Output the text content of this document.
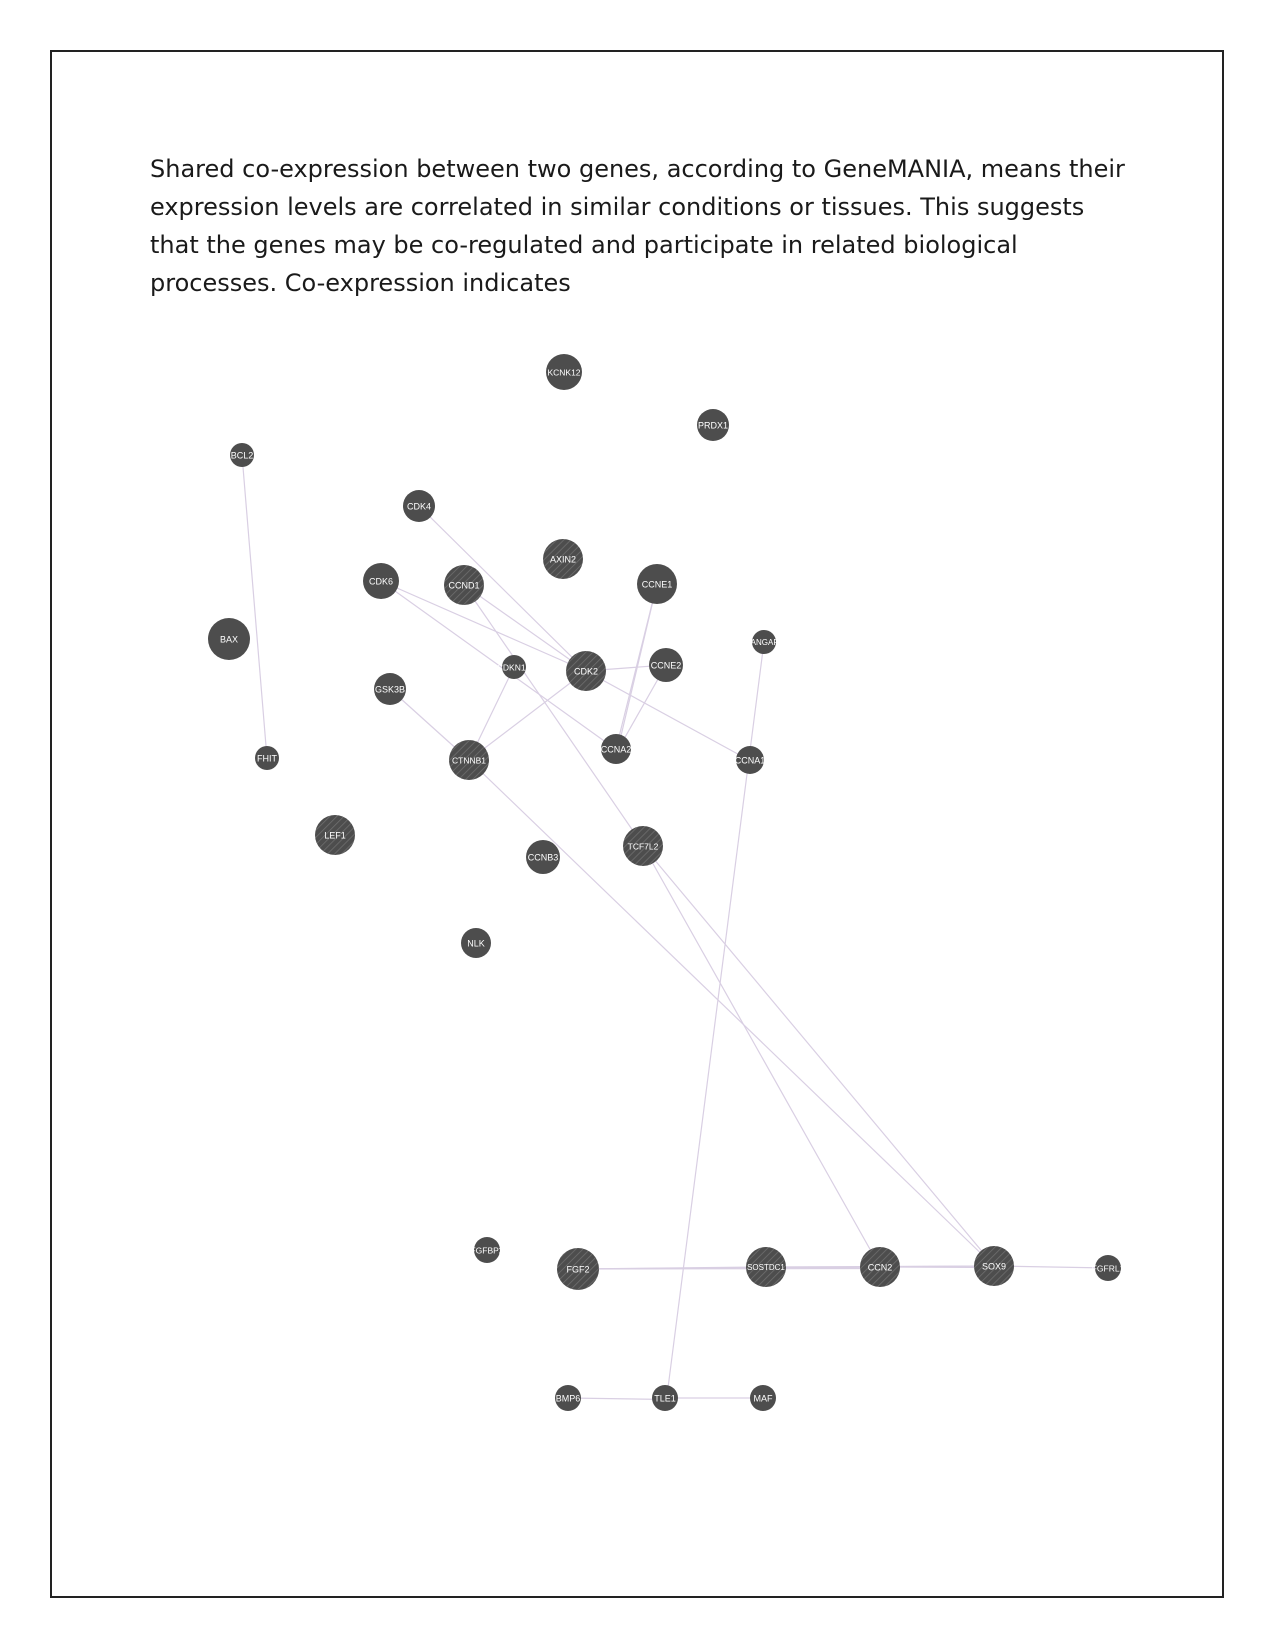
Shared co-expression between two genes, according to GeneMANIA, means their expression levels are correlated in similar conditions or tissues. This suggests that the genes may be co-regulated and participate in related biological processes. Co-expression indicates

KCNK12
PRDX1
BCL2
CDK4
AXIN2
CDK6	CCND1	CCNE1
BAX	RANGAP1
CDKN1A	CDK2
CCNE2
GSK3B
FHIT	CTNNB1
CCNA2
CCNA1
LEF1
TCF7L2
CCNB3
NLK
FGFBP2
FGF2	SOSTDC1	CCN2	SOX9	FGFRL1
BMP6	TLE1	MAF
